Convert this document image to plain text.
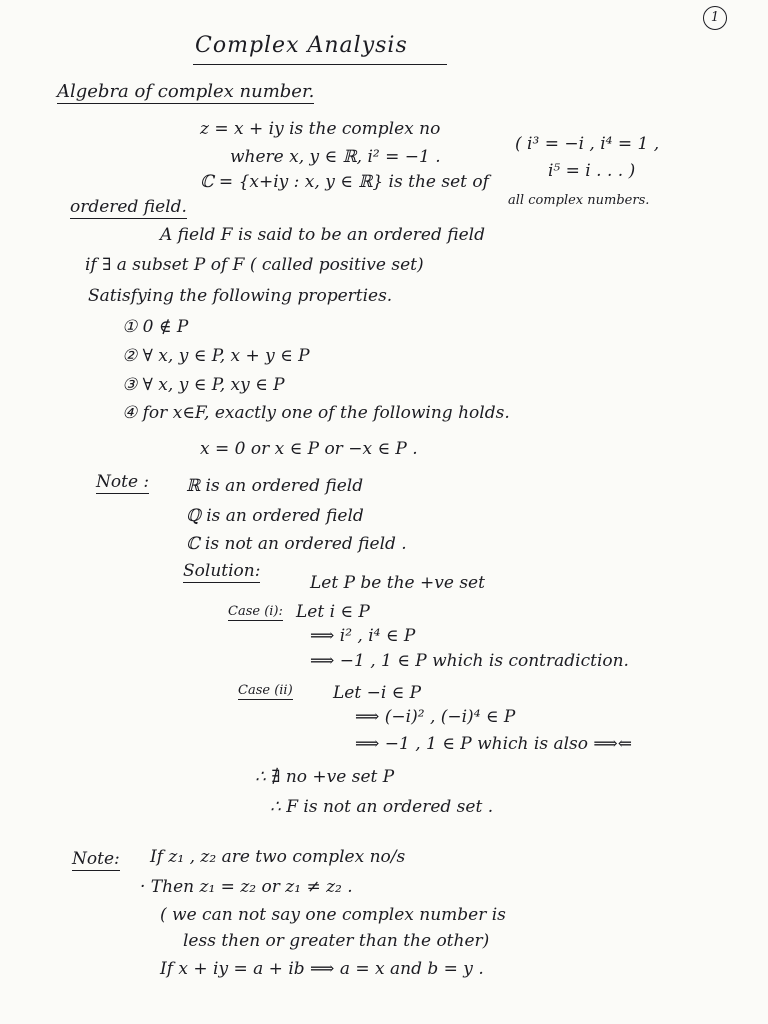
1
Complex Analysis
Algebra of complex number.
z = x + iy is the complex no
where x, y ∈ ℝ, i² = −1 .
( i³ = −i , i⁴ = 1 ,
i⁵ = i . . . )
ℂ = {x+iy : x, y ∈ ℝ} is the set of
all complex numbers.
ordered field.
A field F is said to be an ordered field
if ∃ a subset P of F ( called positive set)
Satisfying the following properties.
① 0 ∉ P
② ∀ x, y ∈ P, x + y ∈ P
③ ∀ x, y ∈ P, xy ∈ P
④ for x∈F, exactly one of the following holds.
x = 0 or x ∈ P or −x ∈ P .
Note : ℝ is an ordered field
ℚ is an ordered field
ℂ is not an ordered field .
Solution:
Let P be the +ve set
Case (i): Let i ∈ P
⟹ i² , i⁴ ∈ P
⟹ −1 , 1 ∈ P which is contradiction.
Case (ii) Let −i ∈ P
⟹ (−i)² , (−i)⁴ ∈ P
⟹ −1 , 1 ∈ P which is also ⟹⇐
∴ ∄ no +ve set P
∴ F is not an ordered set .
Note: If z₁ , z₂ are two complex no/s
· Then z₁ = z₂ or z₁ ≠ z₂ .
( we can not say one complex number is
less then or greater than the other)
If x + iy = a + ib ⟹ a = x and b = y .
